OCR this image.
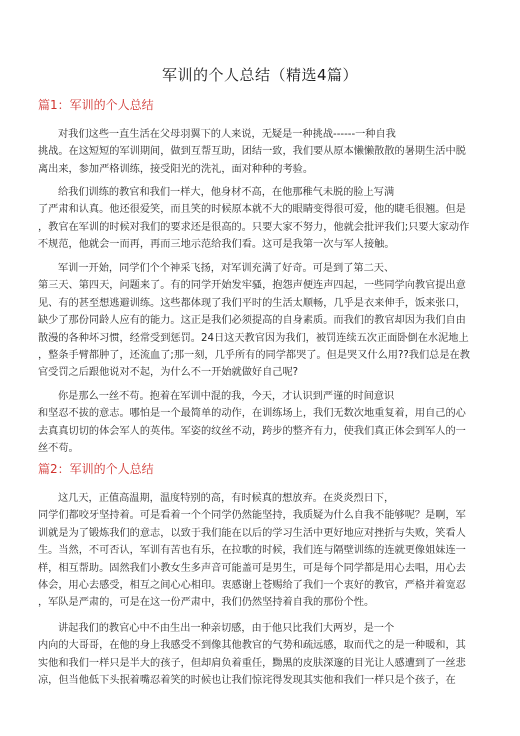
军训的个人总结（精选4篇）
篇1：军训的个人总结
对我们这些一直生活在父母羽翼下的人来说，无疑是一种挑战------一种自我
挑战。在这短短的军训期间，做到互帮互助，团结一致，我们要从原本懒懒散散的暑期生活中脱
离出来，参加严格训练，接受阳光的洗礼，面对种种的考验。
给我们训练的教官和我们一样大，他身材不高，在他那稚气未脱的脸上写满
了严肃和认真。他还很爱笑，而且笑的时候原本就不大的眼睛变得很可爱，他的睫毛很翘。但是
，教官在军训的时候对我们的要求还是很高的。只要大家不努力，他就会批评我们;只要大家动作
不规范，他就会一而再，再而三地示范给我们看。这可是我第一次与军人接触。
军训一开始，同学们个个神采飞扬，对军训充满了好奇。可是到了第二天、
第三天、第四天，问题来了。有的同学开始发牢骚，抱怨声便连声四起，一些同学向教官提出意
见、有的甚至想逃避训练。这些都体现了我们平时的生活太顺畅，几乎是衣来伸手，饭来张口，
缺少了那份同龄人应有的能力。这正是我们必须提高的自身素质。而我们的教官却因为我们自由
散漫的各种坏习惯，经常受到惩罚。24日这天教官因为我们，被罚连续五次正面卧倒在水泥地上
，整条手臂都肿了，还流血了;那一刻，几乎所有的同学都哭了。但是哭又什么用??我们总是在教
官受罚之后跟他说对不起，为什么不一开始就做好自己呢?
你是那么一丝不苟。抱着在军训中混的我，今天，才认识到严谨的时间意识
和坚忍不拔的意志。哪怕是一个最简单的动作，在训练场上，我们无数次地重复着，用自己的心
去真真切切的体会军人的英伟。军姿的纹丝不动，跨步的整齐有力，使我们真正体会到军人的一
丝不苟。
篇2：军训的个人总结
这几天，正值高温期，温度特别的高，有时候真的想放弃。在炎炎烈日下，
同学们都咬牙坚持着。可是看着一个个同学仍然能坚持，我质疑为什么自我不能够呢？是啊，军
训就是为了锻炼我们的意志，以致于我们能在以后的学习生活中更好地应对挫折与失败，笑看人
生。当然，不可否认，军训有苦也有乐，在拉歌的时候，我们连与隔壁训练的连就更像姐妹连一
样，相互帮助。固然我们小教女生多声音可能盖可是男生，可是每个同学都是用心去唱，用心去
体会，用心去感受，相互之间心心相印。衷感谢上苍赐给了我们一个衷好的教官，严格并着宽忍
，军队是严肃的，可是在这一份严肃中，我们仍然坚持着自我的那份个性。
讲起我们的教官心中不由生出一种亲切感，由于他只比我们大两岁，是一个
内向的大哥哥，在他的身上我感受不到像其他教官的气势和疏远感，取而代之的是一种暖和，其
实他和我们一样只是半大的孩子，但却肩负着重任，黝黑的皮肤深邃的目光让人感遭到了一丝悲
凉，但当他低下头抿着嘴忍着笑的时候也让我们惊诧得发现其实他和我们一样只是个孩子，在
